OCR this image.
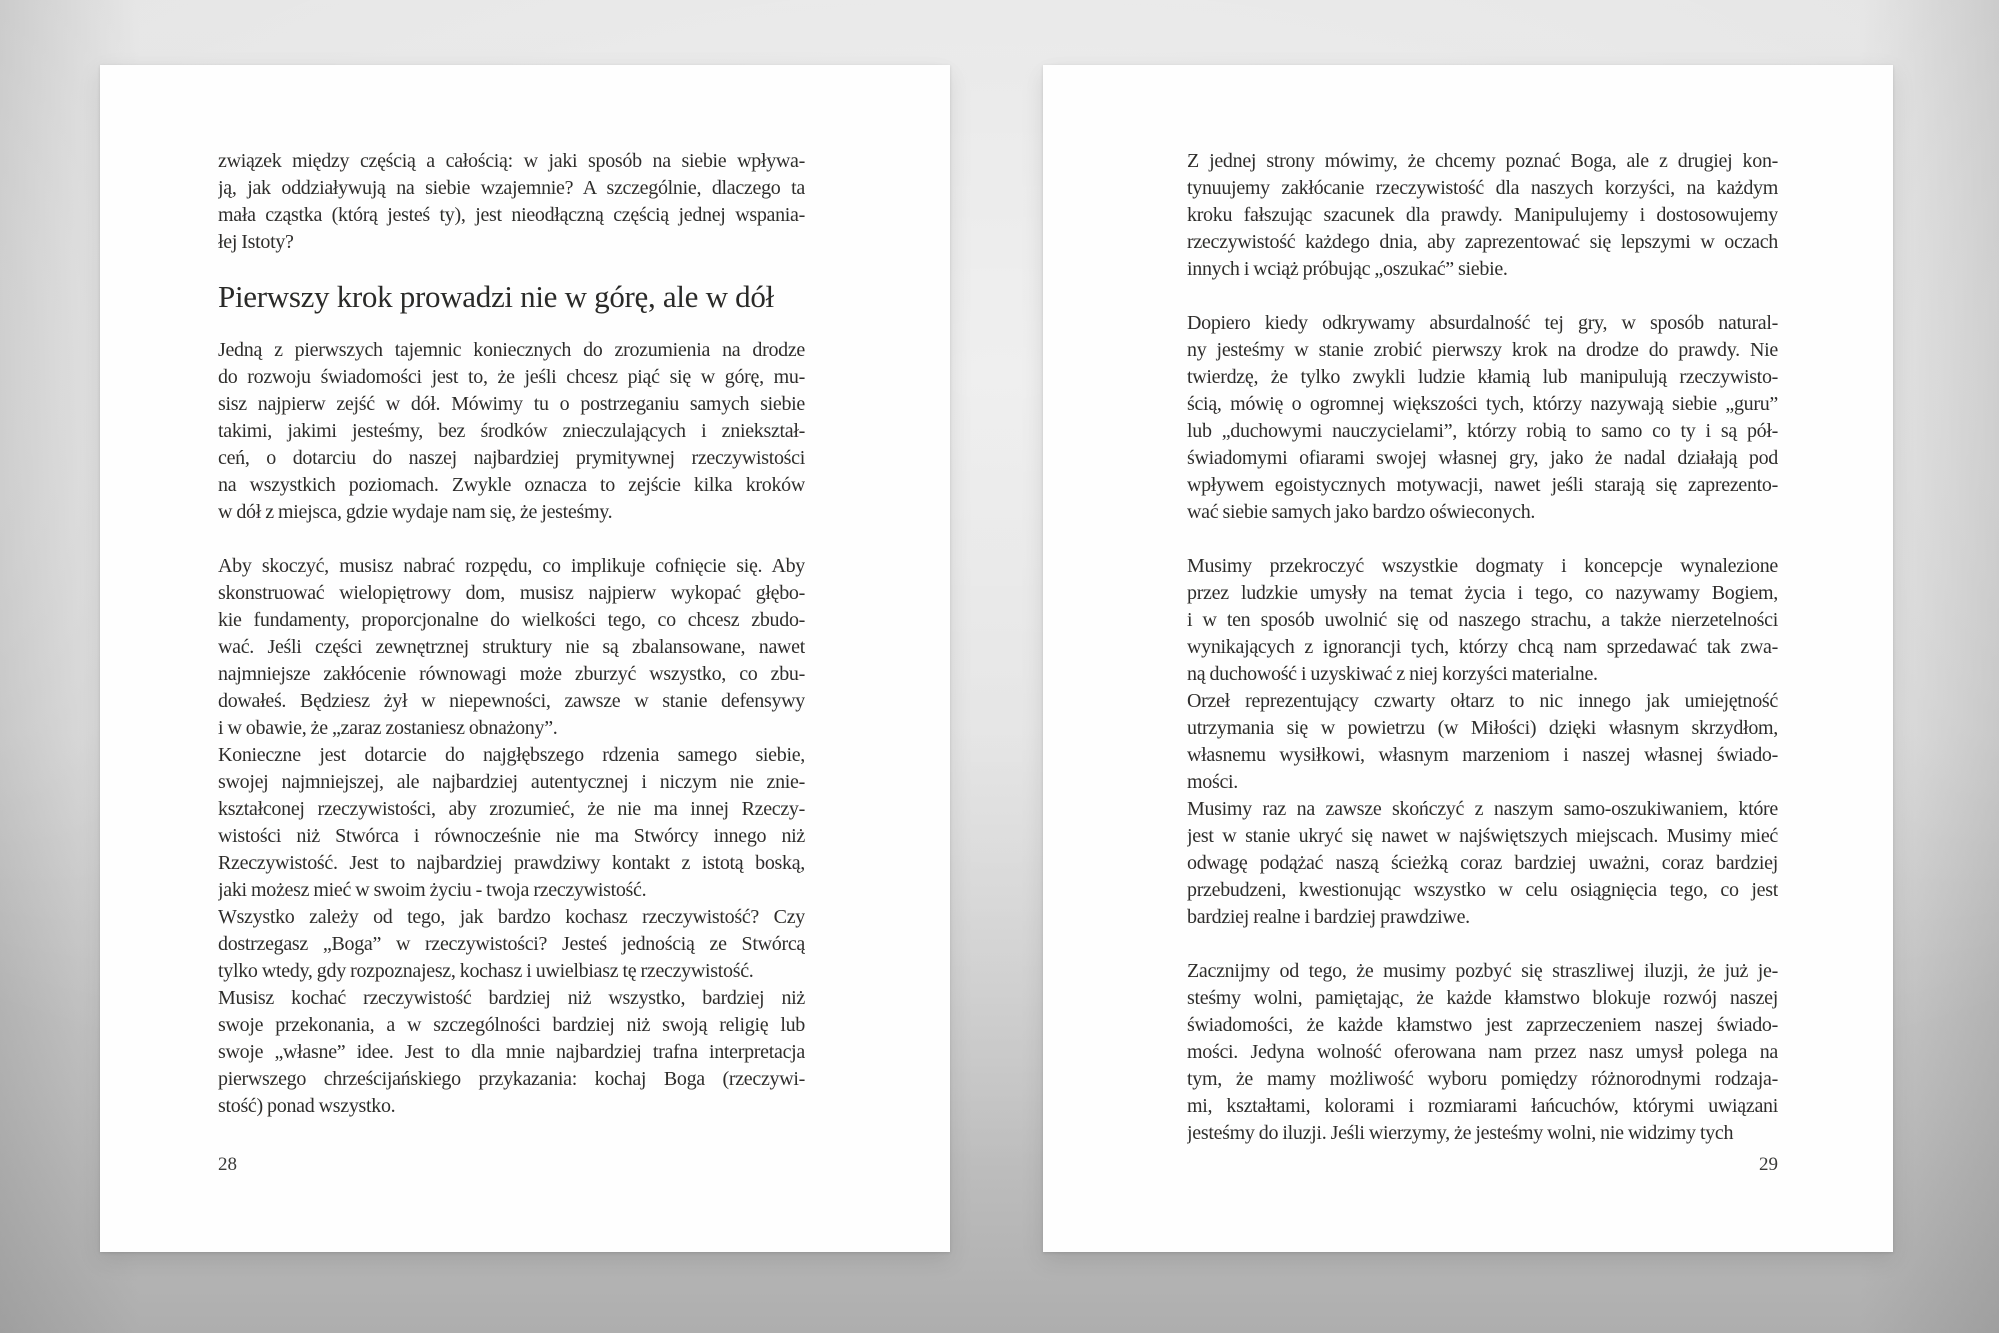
związek między częścią a całością: w jaki sposób na siebie wpływa-
ją, jak oddziaływują na siebie wzajemnie? A szczególnie, dlaczego ta
mała cząstka (którą jesteś ty), jest nieodłączną częścią jednej wspania-
łej Istoty?
Pierwszy krok prowadzi nie w górę, ale w dół
Jedną z pierwszych tajemnic koniecznych do zrozumienia na drodze
do rozwoju świadomości jest to, że jeśli chcesz piąć się w górę, mu-
sisz najpierw zejść w dół. Mówimy tu o postrzeganiu samych siebie
takimi, jakimi jesteśmy, bez środków znieczulających i zniekształ-
ceń, o dotarciu do naszej najbardziej prymitywnej rzeczywistości
na wszystkich poziomach. Zwykle oznacza to zejście kilka kroków
w dół z miejsca, gdzie wydaje nam się, że jesteśmy.
Aby skoczyć, musisz nabrać rozpędu, co implikuje cofnięcie się. Aby
skonstruować wielopiętrowy dom, musisz najpierw wykopać głębo-
kie fundamenty, proporcjonalne do wielkości tego, co chcesz zbudo-
wać. Jeśli części zewnętrznej struktury nie są zbalansowane, nawet
najmniejsze zakłócenie równowagi może zburzyć wszystko, co zbu-
dowałeś. Będziesz żył w niepewności, zawsze w stanie defensywy
i w obawie, że „zaraz zostaniesz obnażony”.
Konieczne jest dotarcie do najgłębszego rdzenia samego siebie,
swojej najmniejszej, ale najbardziej autentycznej i niczym nie znie-
kształconej rzeczywistości, aby zrozumieć, że nie ma innej Rzeczy-
wistości niż Stwórca i równocześnie nie ma Stwórcy innego niż
Rzeczywistość. Jest to najbardziej prawdziwy kontakt z istotą boską,
jaki możesz mieć w swoim życiu - twoja rzeczywistość.
Wszystko zależy od tego, jak bardzo kochasz rzeczywistość? Czy
dostrzegasz „Boga” w rzeczywistości? Jesteś jednością ze Stwórcą
tylko wtedy, gdy rozpoznajesz, kochasz i uwielbiasz tę rzeczywistość.
Musisz kochać rzeczywistość bardziej niż wszystko, bardziej niż
swoje przekonania, a w szczególności bardziej niż swoją religię lub
swoje „własne” idee. Jest to dla mnie najbardziej trafna interpretacja
pierwszego chrześcijańskiego przykazania: kochaj Boga (rzeczywi-
stość) ponad wszystko.
28
Z jednej strony mówimy, że chcemy poznać Boga, ale z drugiej kon-
tynuujemy zakłócanie rzeczywistość dla naszych korzyści, na każdym
kroku fałszując szacunek dla prawdy. Manipulujemy i dostosowujemy
rzeczywistość każdego dnia, aby zaprezentować się lepszymi w oczach
innych i wciąż próbując „oszukać” siebie.
Dopiero kiedy odkrywamy absurdalność tej gry, w sposób natural-
ny jesteśmy w stanie zrobić pierwszy krok na drodze do prawdy. Nie
twierdzę, że tylko zwykli ludzie kłamią lub manipulują rzeczywisto-
ścią, mówię o ogromnej większości tych, którzy nazywają siebie „guru”
lub „duchowymi nauczycielami”, którzy robią to samo co ty i są pół-
świadomymi ofiarami swojej własnej gry, jako że nadal działają pod
wpływem egoistycznych motywacji, nawet jeśli starają się zaprezento-
wać siebie samych jako bardzo oświeconych.
Musimy przekroczyć wszystkie dogmaty i koncepcje wynalezione
przez ludzkie umysły na temat życia i tego, co nazywamy Bogiem,
i w ten sposób uwolnić się od naszego strachu, a także nierzetelności
wynikających z ignorancji tych, którzy chcą nam sprzedawać tak zwa-
ną duchowość i uzyskiwać z niej korzyści materialne.
Orzeł reprezentujący czwarty ołtarz to nic innego jak umiejętność
utrzymania się w powietrzu (w Miłości) dzięki własnym skrzydłom,
własnemu wysiłkowi, własnym marzeniom i naszej własnej świado-
mości.
Musimy raz na zawsze skończyć z naszym samo-oszukiwaniem, które
jest w stanie ukryć się nawet w najświętszych miejscach. Musimy mieć
odwagę podążać naszą ścieżką coraz bardziej uważni, coraz bardziej
przebudzeni, kwestionując wszystko w celu osiągnięcia tego, co jest
bardziej realne i bardziej prawdziwe.
Zacznijmy od tego, że musimy pozbyć się straszliwej iluzji, że już je-
steśmy wolni, pamiętając, że każde kłamstwo blokuje rozwój naszej
świadomości, że każde kłamstwo jest zaprzeczeniem naszej świado-
mości. Jedyna wolność oferowana nam przez nasz umysł polega na
tym, że mamy możliwość wyboru pomiędzy różnorodnymi rodzaja-
mi, kształtami, kolorami i rozmiarami łańcuchów, którymi uwiązani
jesteśmy do iluzji. Jeśli wierzymy, że jesteśmy wolni, nie widzimy tych
29
